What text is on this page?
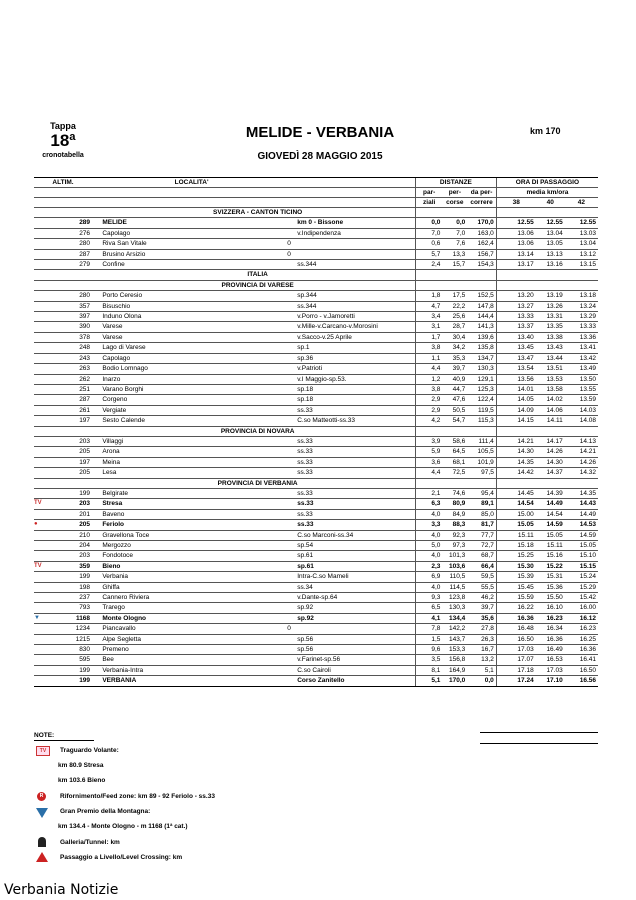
Tappa
18ª
cronotabella
MELIDE - VERBANIA	km 170
GIOVEDÌ 28 MAGGIO 2015
ALTIM.		LOCALITA'			DISTANZE			ORA DI PASSAGGIO		
					par-	per-	da per-	media km/ora		
					ziali	corse	correre	38	40	42
		SVIZZERA - CANTON TICINO								
289		MELIDE		km 0 - Bissone	0,0	0,0	170,0	12.55	12.55	12.55
276		Capolago		v.Indipendenza	7,0	7,0	163,0	13.06	13.04	13.03
280		Riva San Vitale	0		0,6	7,6	162,4	13.06	13.05	13.04
287		Brusino Arsizio	0		5,7	13,3	156,7	13.14	13.13	13.12
279		Confine		ss.344	2,4	15,7	154,3	13.17	13.16	13.15
		ITALIA								
		PROVINCIA DI VARESE								
280		Porto Ceresio		sp.344	1,8	17,5	152,5	13.20	13.19	13.18
357		Bisuschio		ss.344	4,7	22,2	147,8	13.27	13.26	13.24
397		Induno Olona		v.Porro - v.Jamoretti	3,4	25,6	144,4	13.33	13.31	13.29
390		Varese		v.Mille-v.Carcano-v.Morosini	3,1	28,7	141,3	13.37	13.35	13.33
378		Varese		v.Sacco-v.25 Aprile	1,7	30,4	139,6	13.40	13.38	13.36
248		Lago di Varese		sp.1	3,8	34,2	135,8	13.45	13.43	13.41
243		Capolago		sp.36	1,1	35,3	134,7	13.47	13.44	13.42
263		Bodio Lomnago		v.Patrioti	4,4	39,7	130,3	13.54	13.51	13.49
262		Inarzo		v.I Maggio-sp.53.	1,2	40,9	129,1	13.56	13.53	13.50
251		Varano Borghi		sp.18	3,8	44,7	125,3	14.01	13.58	13.55
287		Corgeno		sp.18	2,9	47,6	122,4	14.05	14.02	13.59
261		Vergiate		ss.33	2,9	50,5	119,5	14.09	14.06	14.03
197		Sesto Calende		C.so Matteotti-ss.33	4,2	54,7	115,3	14.15	14.11	14.08
		PROVINCIA DI NOVARA								
203		Villaggi		ss.33	3,9	58,6	111,4	14.21	14.17	14.13
205		Arona		ss.33	5,9	64,5	105,5	14.30	14.26	14.21
197		Meina		ss.33	3,6	68,1	101,9	14.35	14.30	14.26
205		Lesa		ss.33	4,4	72,5	97,5	14.42	14.37	14.32
		PROVINCIA DI VERBANIA								
199		Belgirate		ss.33	2,1	74,6	95,4	14.45	14.39	14.35

TV 203		Stresa		ss.33	6,3	80,9	89,1	14.54	14.49	14.43
201		Baveno		ss.33	4,0	84,9	85,0	15.00	14.54	14.49

● 205		Feriolo		ss.33	3,3	88,3	81,7	15.05	14.59	14.53
210		Gravellona Toce		C.so Marconi-ss.34	4,0	92,3	77,7	15.11	15.05	14.59
204		Mergozzo		sp.54	5,0	97,3	72,7	15.18	15.11	15.05
203		Fondotoce		sp.61	4,0	101,3	68,7	15.25	15.16	15.10

TV 359		Bieno		sp.61	2,3	103,6	66,4	15.30	15.22	15.15
199		Verbania		Intra-C.so Mameli	6,9	110,5	59,5	15.39	15.31	15.24
198		Ghiffa		ss.34	4,0	114,5	55,5	15.45	15.36	15.29
237		Cannero Riviera		v.Dante-sp.64	9,3	123,8	46,2	15.59	15.50	15.42
793		Trarego		sp.92	6,5	130,3	39,7	16.22	16.10	16.00

▼ 1168		Monte Ologno		sp.92	4,1	134,4	35,6	16.36	16.23	16.12
1234		Piancavallo	0		7,8	142,2	27,8	16.48	16.34	16.23
1215		Alpe Segletta		sp.56	1,5	143,7	26,3	16.50	16.36	16.25
830		Premeno		sp.56	9,6	153,3	16,7	17.03	16.49	16.36
595		Bee		v.Farinet-sp.56	3,5	156,8	13,2	17.07	16.53	16.41
199		Verbania-Intra		C.so Cairoli	8,1	164,9	5,1	17.18	17.03	16.50
199		VERBANIA		Corso Zanitello	5,1	170,0	0,0	17.24	17.10	16.56
NOTE:
TV	Traguardo Volante:
km 80.9 Stresa
km 103.6 Bieno
R	Rifornimento/Feed zone: km 89 - 92 Feriolo - ss.33
Gran Premio della Montagna:
km 134.4 - Monte Ologno - m 1168 (1ª cat.)
Galleria/Tunnel: km
Passaggio a Livello/Level Crossing: km
Verbania Notizie
